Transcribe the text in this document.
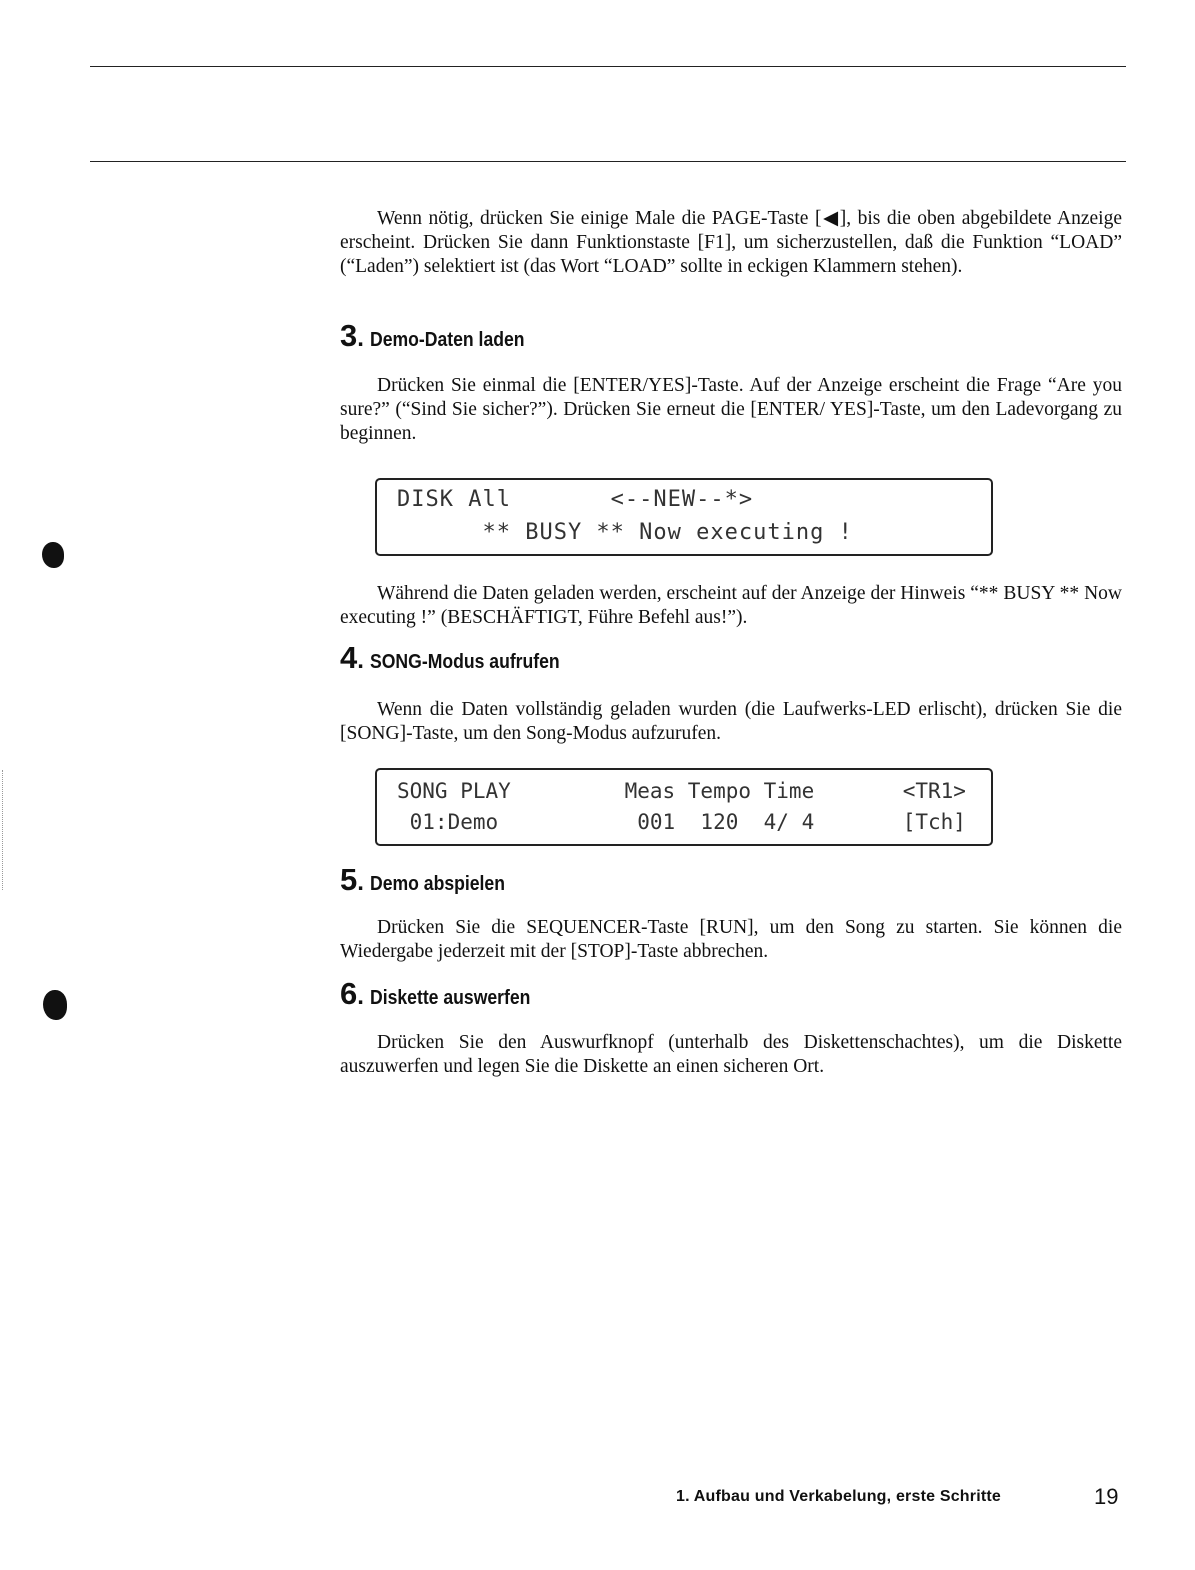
Wenn nötig, drücken Sie einige Male die PAGE-Taste [◀], bis die oben abgebildete Anzeige erscheint. Drücken Sie dann Funktionstaste [F1], um sicherzustellen, daß die Funktion “LOAD” (“Laden”) selektiert ist (das Wort “LOAD” sollte in eckigen Klammern stehen).

3. Demo-Daten laden

Drücken Sie einmal die [ENTER/YES]-Taste. Auf der Anzeige erscheint die Frage “Are you sure?” (“Sind Sie sicher?”). Drücken Sie erneut die [ENTER/ YES]-Taste, um den Ladevorgang zu beginnen.

DISK All       <--NEW--*>
** BUSY ** Now executing !

Während die Daten geladen werden, erscheint auf der Anzeige der Hinweis “** BUSY ** Now executing !” (BESCHÄFTIGT, Führe Befehl aus!”).

4. SONG-Modus aufrufen

Wenn die Daten vollständig geladen wurden (die Laufwerks-LED erlischt), drücken Sie die [SONG]-Taste, um den Song-Modus aufzurufen.

SONG PLAY         Meas Tempo Time       <TR1>
01:Demo           001  120  4/ 4       [Tch]
5. Demo abspielen

Drücken Sie die SEQUENCER-Taste [RUN], um den Song zu starten. Sie können die Wiedergabe jederzeit mit der [STOP]-Taste abbrechen.

6. Diskette auswerfen

Drücken Sie den Auswurfknopf (unterhalb des Diskettenschachtes), um die Diskette auszuwerfen und legen Sie die Diskette an einen sicheren Ort.

1. Aufbau und Verkabelung, erste Schritte	19
